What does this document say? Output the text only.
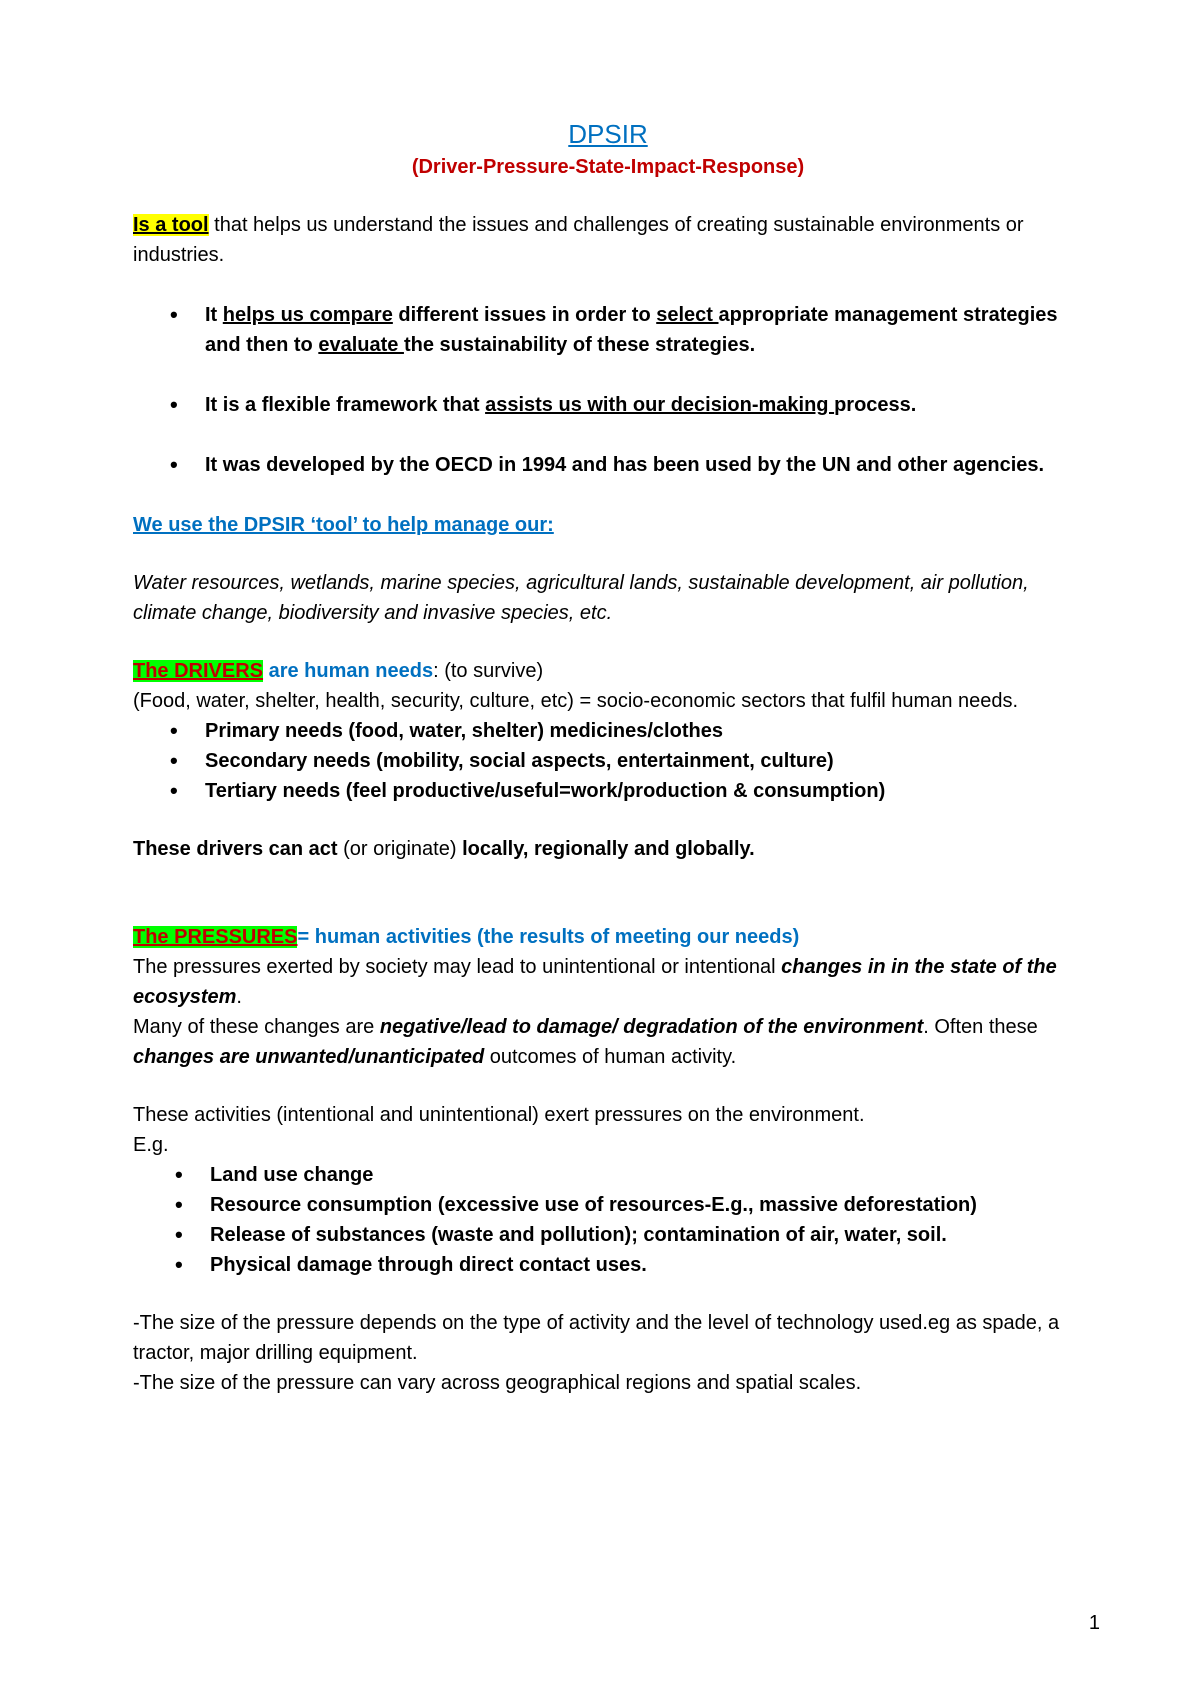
DPSIR

(Driver-Pressure-State-Impact-Response)

Is a tool that helps us understand the issues and challenges of creating sustainable environments or industries.

• It helps us compare different issues in order to select appropriate management strategies and then to evaluate the sustainability of these strategies.
• It is a flexible framework that assists us with our decision-making process.
• It was developed by the OECD in 1994 and has been used by the UN and other agencies.

We use the DPSIR ‘tool’ to help manage our:

Water resources, wetlands, marine species, agricultural lands, sustainable development, air pollution, climate change, biodiversity and invasive species, etc.

The DRIVERS are human needs: (to survive)

(Food, water, shelter, health, security, culture, etc) = socio-economic sectors that fulfil human needs.

• Primary needs (food, water, shelter) medicines/clothes
• Secondary needs (mobility, social aspects, entertainment, culture)
• Tertiary needs (feel productive/useful=work/production & consumption)

These drivers can act (or originate) locally, regionally and globally.

The PRESSURES= human activities (the results of meeting our needs)

The pressures exerted by society may lead to unintentional or intentional changes in in the state of the ecosystem.

Many of these changes are negative/lead to damage/ degradation of the environment. Often these changes are unwanted/unanticipated outcomes of human activity.

These activities (intentional and unintentional) exert pressures on the environment.

E.g.

• Land use change
• Resource consumption (excessive use of resources-E.g., massive deforestation)
• Release of substances (waste and pollution); contamination of air, water, soil.
• Physical damage through direct contact uses.

-The size of the pressure depends on the type of activity and the level of technology used.eg as spade, a tractor, major drilling equipment.

-The size of the pressure can vary across geographical regions and spatial scales.

1
